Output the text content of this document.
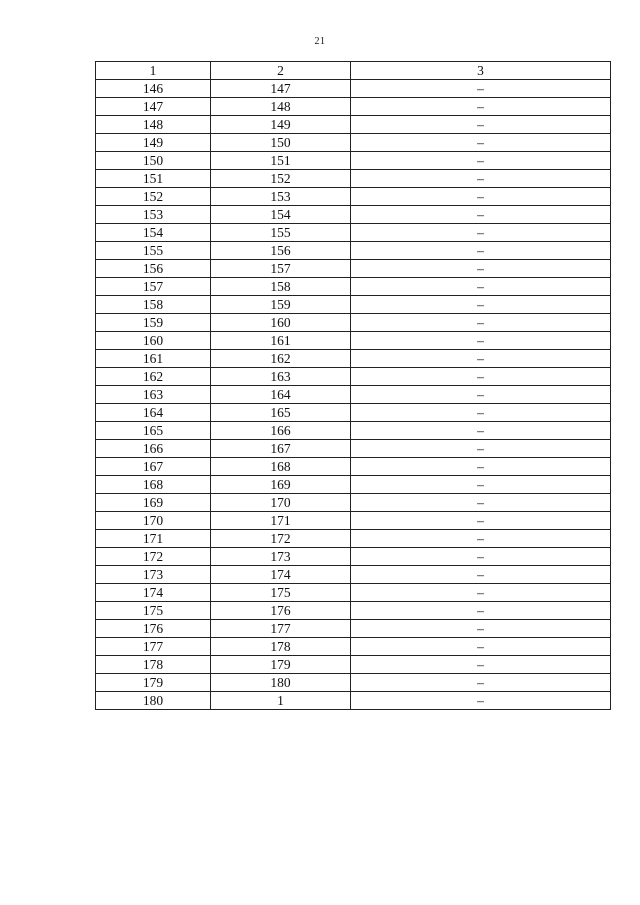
21
1	2	3
146	147	–
147	148	–
148	149	–
149	150	–
150	151	–
151	152	–
152	153	–
153	154	–
154	155	–
155	156	–
156	157	–
157	158	–
158	159	–
159	160	–
160	161	–
161	162	–
162	163	–
163	164	–
164	165	–
165	166	–
166	167	–
167	168	–
168	169	–
169	170	–
170	171	–
171	172	–
172	173	–
173	174	–
174	175	–
175	176	–
176	177	–
177	178	–
178	179	–
179	180	–
180	1	–
